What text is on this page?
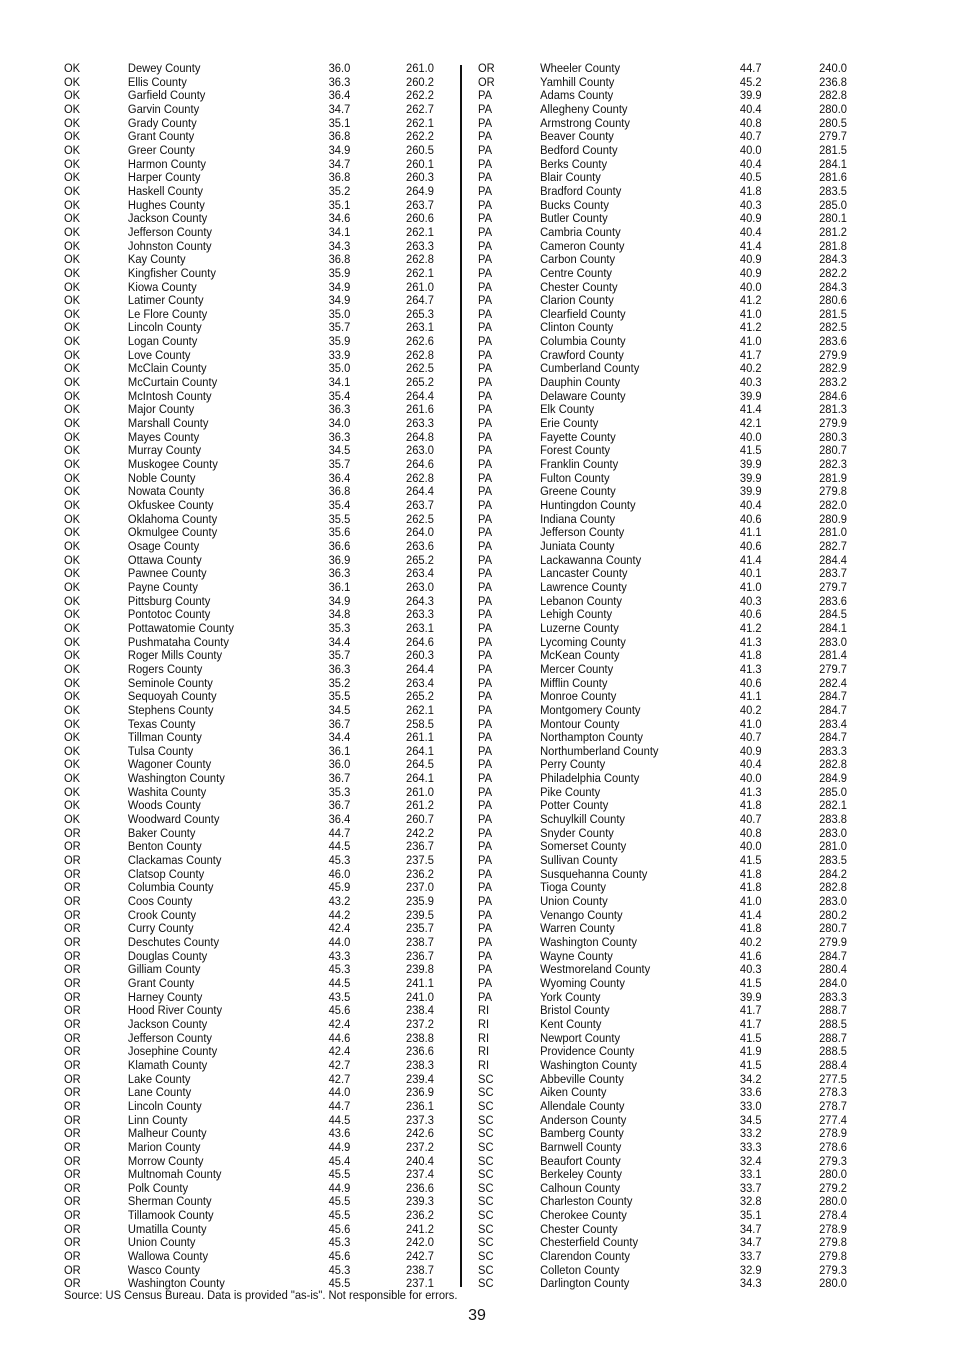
OK	Dewey County	36.0	261.0
OK	Ellis County	36.3	260.2
OK	Garfield County	36.4	262.2
OK	Garvin County	34.7	262.7
OK	Grady County	35.1	262.1
OK	Grant County	36.8	262.2
OK	Greer County	34.9	260.5
OK	Harmon County	34.7	260.1
OK	Harper County	36.8	260.3
OK	Haskell County	35.2	264.9
OK	Hughes County	35.1	263.7
OK	Jackson County	34.6	260.6
OK	Jefferson County	34.1	262.1
OK	Johnston County	34.3	263.3
OK	Kay County	36.8	262.8
OK	Kingfisher County	35.9	262.1
OK	Kiowa County	34.9	261.0
OK	Latimer County	34.9	264.7
OK	Le Flore County	35.0	265.3
OK	Lincoln County	35.7	263.1
OK	Logan County	35.9	262.6
OK	Love County	33.9	262.8
OK	McClain County	35.0	262.5
OK	McCurtain County	34.1	265.2
OK	McIntosh County	35.4	264.4
OK	Major County	36.3	261.6
OK	Marshall County	34.0	263.3
OK	Mayes County	36.3	264.8
OK	Murray County	34.5	263.0
OK	Muskogee County	35.7	264.6
OK	Noble County	36.4	262.8
OK	Nowata County	36.8	264.4
OK	Okfuskee County	35.4	263.7
OK	Oklahoma County	35.5	262.5
OK	Okmulgee County	35.6	264.0
OK	Osage County	36.6	263.6
OK	Ottawa County	36.9	265.2
OK	Pawnee County	36.3	263.4
OK	Payne County	36.1	263.0
OK	Pittsburg County	34.9	264.3
OK	Pontotoc County	34.8	263.3
OK	Pottawatomie County	35.3	263.1
OK	Pushmataha County	34.4	264.6
OK	Roger Mills County	35.7	260.3
OK	Rogers County	36.3	264.4
OK	Seminole County	35.2	263.4
OK	Sequoyah County	35.5	265.2
OK	Stephens County	34.5	262.1
OK	Texas County	36.7	258.5
OK	Tillman County	34.4	261.1
OK	Tulsa County	36.1	264.1
OK	Wagoner County	36.0	264.5
OK	Washington County	36.7	264.1
OK	Washita County	35.3	261.0
OK	Woods County	36.7	261.2
OK	Woodward County	36.4	260.7
OR	Baker County	44.7	242.2
OR	Benton County	44.5	236.7
OR	Clackamas County	45.3	237.5
OR	Clatsop County	46.0	236.2
OR	Columbia County	45.9	237.0
OR	Coos County	43.2	235.9
OR	Crook County	44.2	239.5
OR	Curry County	42.4	235.7
OR	Deschutes County	44.0	238.7
OR	Douglas County	43.3	236.7
OR	Gilliam County	45.3	239.8
OR	Grant County	44.5	241.1
OR	Harney County	43.5	241.0
OR	Hood River County	45.6	238.4
OR	Jackson County	42.4	237.2
OR	Jefferson County	44.6	238.8
OR	Josephine County	42.4	236.6
OR	Klamath County	42.7	238.3
OR	Lake County	42.7	239.4
OR	Lane County	44.0	236.9
OR	Lincoln County	44.7	236.1
OR	Linn County	44.5	237.3
OR	Malheur County	43.6	242.6
OR	Marion County	44.9	237.2
OR	Morrow County	45.4	240.4
OR	Multnomah County	45.5	237.4
OR	Polk County	44.9	236.6
OR	Sherman County	45.5	239.3
OR	Tillamook County	45.5	236.2
OR	Umatilla County	45.6	241.2
OR	Union County	45.3	242.0
OR	Wallowa County	45.6	242.7
OR	Wasco County	45.3	238.7
OR	Washington County	45.5	237.1
OR	Wheeler County	44.7	240.0
OR	Yamhill County	45.2	236.8
PA	Adams County	39.9	282.8
PA	Allegheny County	40.4	280.0
PA	Armstrong County	40.8	280.5
PA	Beaver County	40.7	279.7
PA	Bedford County	40.0	281.5
PA	Berks County	40.4	284.1
PA	Blair County	40.5	281.6
PA	Bradford County	41.8	283.5
PA	Bucks County	40.3	285.0
PA	Butler County	40.9	280.1
PA	Cambria County	40.4	281.2
PA	Cameron County	41.4	281.8
PA	Carbon County	40.9	284.3
PA	Centre County	40.9	282.2
PA	Chester County	40.0	284.3
PA	Clarion County	41.2	280.6
PA	Clearfield County	41.0	281.5
PA	Clinton County	41.2	282.5
PA	Columbia County	41.0	283.6
PA	Crawford County	41.7	279.9
PA	Cumberland County	40.2	282.9
PA	Dauphin County	40.3	283.2
PA	Delaware County	39.9	284.6
PA	Elk County	41.4	281.3
PA	Erie County	42.1	279.9
PA	Fayette County	40.0	280.3
PA	Forest County	41.5	280.7
PA	Franklin County	39.9	282.3
PA	Fulton County	39.9	281.9
PA	Greene County	39.9	279.8
PA	Huntingdon County	40.4	282.0
PA	Indiana County	40.6	280.9
PA	Jefferson County	41.1	281.0
PA	Juniata County	40.6	282.7
PA	Lackawanna County	41.4	284.4
PA	Lancaster County	40.1	283.7
PA	Lawrence County	41.0	279.7
PA	Lebanon County	40.3	283.6
PA	Lehigh County	40.6	284.5
PA	Luzerne County	41.2	284.1
PA	Lycoming County	41.3	283.0
PA	McKean County	41.8	281.4
PA	Mercer County	41.3	279.7
PA	Mifflin County	40.6	282.4
PA	Monroe County	41.1	284.7
PA	Montgomery County	40.2	284.7
PA	Montour County	41.0	283.4
PA	Northampton County	40.7	284.7
PA	Northumberland County	40.9	283.3
PA	Perry County	40.4	282.8
PA	Philadelphia County	40.0	284.9
PA	Pike County	41.3	285.0
PA	Potter County	41.8	282.1
PA	Schuylkill County	40.7	283.8
PA	Snyder County	40.8	283.0
PA	Somerset County	40.0	281.0
PA	Sullivan County	41.5	283.5
PA	Susquehanna County	41.8	284.2
PA	Tioga County	41.8	282.8
PA	Union County	41.0	283.0
PA	Venango County	41.4	280.2
PA	Warren County	41.8	280.7
PA	Washington County	40.2	279.9
PA	Wayne County	41.6	284.7
PA	Westmoreland County	40.3	280.4
PA	Wyoming County	41.5	284.0
PA	York County	39.9	283.3
RI	Bristol County	41.7	288.7
RI	Kent County	41.7	288.5
RI	Newport County	41.5	288.7
RI	Providence County	41.9	288.5
RI	Washington County	41.5	288.4
SC	Abbeville County	34.2	277.5
SC	Aiken County	33.6	278.3
SC	Allendale County	33.0	278.7
SC	Anderson County	34.5	277.4
SC	Bamberg County	33.2	278.9
SC	Barnwell County	33.3	278.6
SC	Beaufort County	32.4	279.3
SC	Berkeley County	33.1	280.0
SC	Calhoun County	33.7	279.2
SC	Charleston County	32.8	280.0
SC	Cherokee County	35.1	278.4
SC	Chester County	34.7	278.9
SC	Chesterfield County	34.7	279.8
SC	Clarendon County	33.7	279.8
SC	Colleton County	32.9	279.3
SC	Darlington County	34.3	280.0
Source: US Census Bureau. Data is provided "as-is". Not responsible for errors.
39
